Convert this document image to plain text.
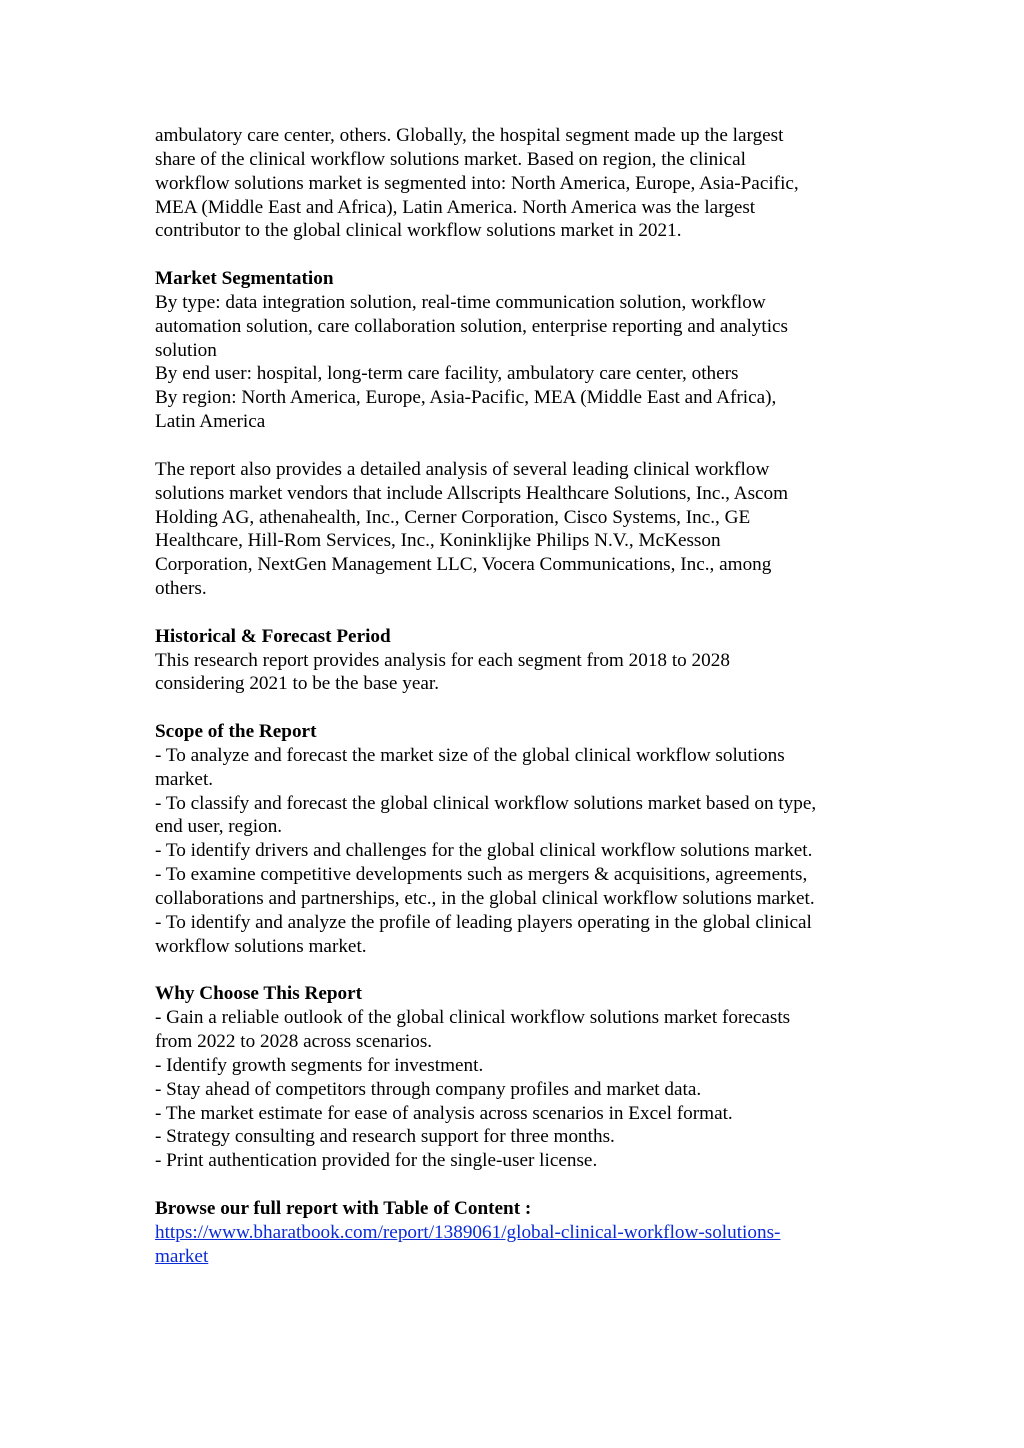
ambulatory care center, others. Globally, the hospital segment made up the largest
share of the clinical workflow solutions market. Based on region, the clinical
workflow solutions market is segmented into: North America, Europe, Asia-Pacific,
MEA (Middle East and Africa), Latin America. North America was the largest
contributor to the global clinical workflow solutions market in 2021.
Market Segmentation
By type: data integration solution, real-time communication solution, workflow
automation solution, care collaboration solution, enterprise reporting and analytics
solution
By end user: hospital, long-term care facility, ambulatory care center, others
By region: North America, Europe, Asia-Pacific, MEA (Middle East and Africa),
Latin America
The report also provides a detailed analysis of several leading clinical workflow
solutions market vendors that include Allscripts Healthcare Solutions, Inc., Ascom
Holding AG, athenahealth, Inc., Cerner Corporation, Cisco Systems, Inc., GE
Healthcare, Hill-Rom Services, Inc., Koninklijke Philips N.V., McKesson
Corporation, NextGen Management LLC, Vocera Communications, Inc., among
others.
Historical & Forecast Period
This research report provides analysis for each segment from 2018 to 2028
considering 2021 to be the base year.
Scope of the Report
- To analyze and forecast the market size of the global clinical workflow solutions
market.
- To classify and forecast the global clinical workflow solutions market based on type,
end user, region.
- To identify drivers and challenges for the global clinical workflow solutions market.
- To examine competitive developments such as mergers & acquisitions, agreements,
collaborations and partnerships, etc., in the global clinical workflow solutions market.
- To identify and analyze the profile of leading players operating in the global clinical
workflow solutions market.
Why Choose This Report
- Gain a reliable outlook of the global clinical workflow solutions market forecasts
from 2022 to 2028 across scenarios.
- Identify growth segments for investment.
- Stay ahead of competitors through company profiles and market data.
- The market estimate for ease of analysis across scenarios in Excel format.
- Strategy consulting and research support for three months.
- Print authentication provided for the single-user license.
Browse our full report with Table of Content :
https://www.bharatbook.com/report/1389061/global-clinical-workflow-solutions-
market
